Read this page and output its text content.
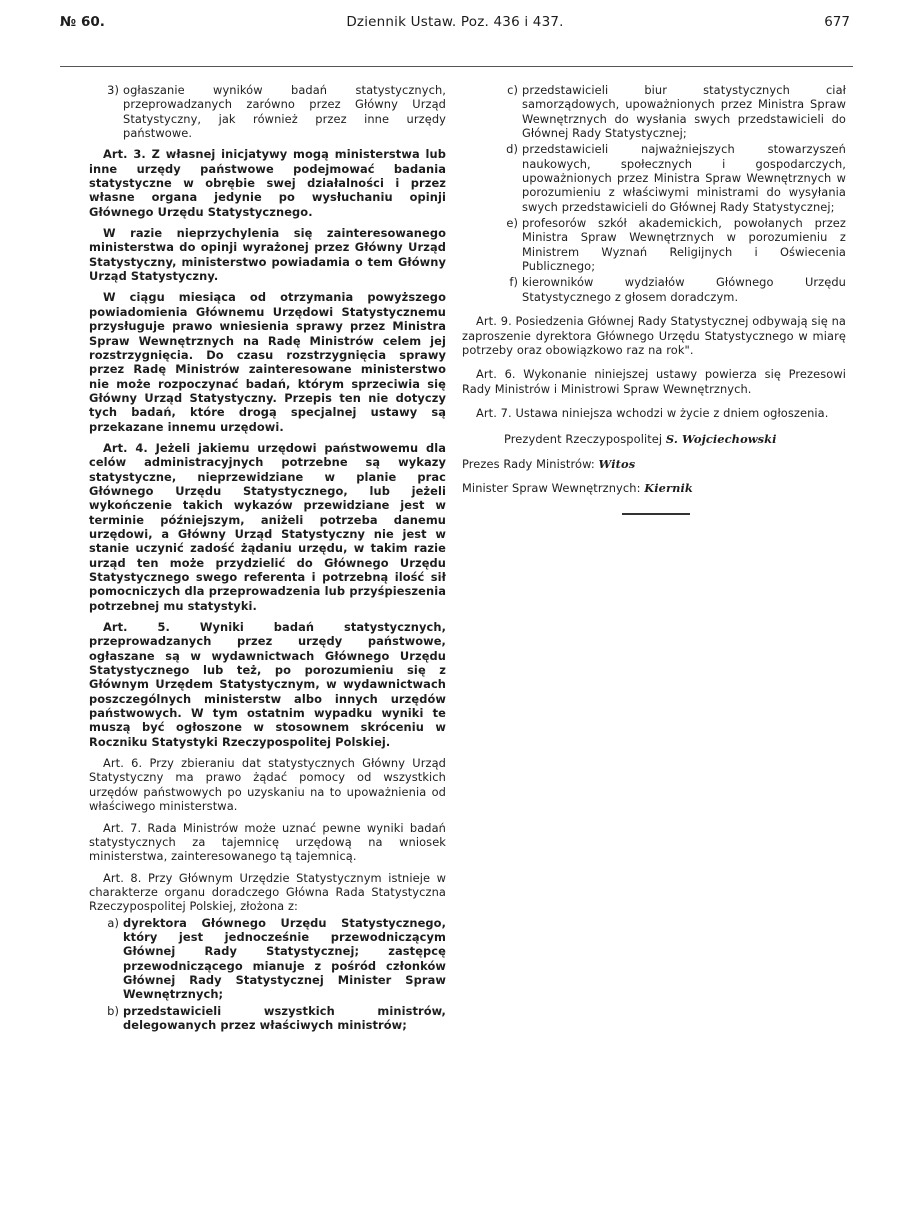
№ 60.	Dziennik Ustaw. Poz. 436 i 437.	677
3) ogłaszanie wyników badań statystycznych, przeprowadzanych zarówno przez Główny Urząd Statystyczny, jak również przez inne urzędy państwowe.

Art. 3. Z własnej inicjatywy mogą ministerstwa lub inne urzędy państwowe podejmować badania statystyczne w obrębie swej działalności i przez własne organa jedynie po wysłuchaniu opinji Głównego Urzędu Statystycznego.

W razie nieprzychylenia się zainteresowanego ministerstwa do opinji wyrażonej przez Główny Urząd Statystyczny, ministerstwo powiadamia o tem Główny Urząd Statystyczny.

W ciągu miesiąca od otrzymania powyższego powiadomienia Głównemu Urzędowi Statystycznemu przysługuje prawo wniesienia sprawy przez Ministra Spraw Wewnętrznych na Radę Ministrów celem jej rozstrzygnięcia. Do czasu rozstrzygnięcia sprawy przez Radę Ministrów zainteresowane ministerstwo nie może rozpoczynać badań, którym sprzeciwia się Główny Urząd Statystyczny. Przepis ten nie dotyczy tych badań, które drogą specjalnej ustawy są przekazane innemu urzędowi.

Art. 4. Jeżeli jakiemu urzędowi państwowemu dla celów administracyjnych potrzebne są wykazy statystyczne, nieprzewidziane w planie prac Głównego Urzędu Statystycznego, lub jeżeli wykończenie takich wykazów przewidziane jest w terminie późniejszym, aniżeli potrzeba danemu urzędowi, a Główny Urząd Statystyczny nie jest w stanie uczynić zadość żądaniu urzędu, w takim razie urząd ten może przydzielić do Głównego Urzędu Statystycznego swego referenta i potrzebną ilość sił pomocniczych dla przeprowadzenia lub przyśpieszenia potrzebnej mu statystyki.

Art. 5. Wyniki badań statystycznych, przeprowadzanych przez urzędy państwowe, ogłaszane są w wydawnictwach Głównego Urzędu Statystycznego lub też, po porozumieniu się z Głównym Urzędem Statystycznym, w wydawnictwach poszczególnych ministerstw albo innych urzędów państwowych. W tym ostatnim wypadku wyniki te muszą być ogłoszone w stosownem skróceniu w Roczniku Statystyki Rzeczypospolitej Polskiej.

Art. 6. Przy zbieraniu dat statystycznych Główny Urząd Statystyczny ma prawo żądać pomocy od wszystkich urzędów państwowych po uzyskaniu na to upoważnienia od właściwego ministerstwa.

Art. 7. Rada Ministrów może uznać pewne wyniki badań statystycznych za tajemnicę urzędową na wniosek ministerstwa, zainteresowanego tą tajemnicą.

Art. 8. Przy Głównym Urzędzie Statystycznym istnieje w charakterze organu doradczego Główna Rada Statystyczna Rzeczypospolitej Polskiej, złożona z:

a) dyrektora Głównego Urzędu Statystycznego, który jest jednocześnie przewodniczącym Głównej Rady Statystycznej; zastępcę przewodniczącego mianuje z pośród członków Głównej Rady Statystycznej Minister Spraw Wewnętrznych;
b) przedstawicieli wszystkich ministrów, delegowanych przez właściwych ministrów;
c) przedstawicieli biur statystycznych ciał samorządowych, upoważnionych przez Ministra Spraw Wewnętrznych do wysłania swych przedstawicieli do Głównej Rady Statystycznej;
d) przedstawicieli najważniejszych stowarzyszeń naukowych, społecznych i gospodarczych, upoważnionych przez Ministra Spraw Wewnętrznych w porozumieniu z właściwymi ministrami do wysyłania swych przedstawicieli do Głównej Rady Statystycznej;
e) profesorów szkół akademickich, powołanych przez Ministra Spraw Wewnętrznych w porozumieniu z Ministrem Wyznań Religijnych i Oświecenia Publicznego;
f) kierowników wydziałów Głównego Urzędu Statystycznego z głosem doradczym.

Art. 9. Posiedzenia Głównej Rady Statystycznej odbywają się na zaproszenie dyrektora Głównego Urzędu Statystycznego w miarę potrzeby oraz obowiązkowo raz na rok".

Art. 6. Wykonanie niniejszej ustawy powierza się Prezesowi Rady Ministrów i Ministrowi Spraw Wewnętrznych.

Art. 7. Ustawa niniejsza wchodzi w życie z dniem ogłoszenia.

Prezydent Rzeczypospolitej S. Wojciechowski
Prezes Rady Ministrów: Witos
Minister Spraw Wewnętrznych: Kiernik
